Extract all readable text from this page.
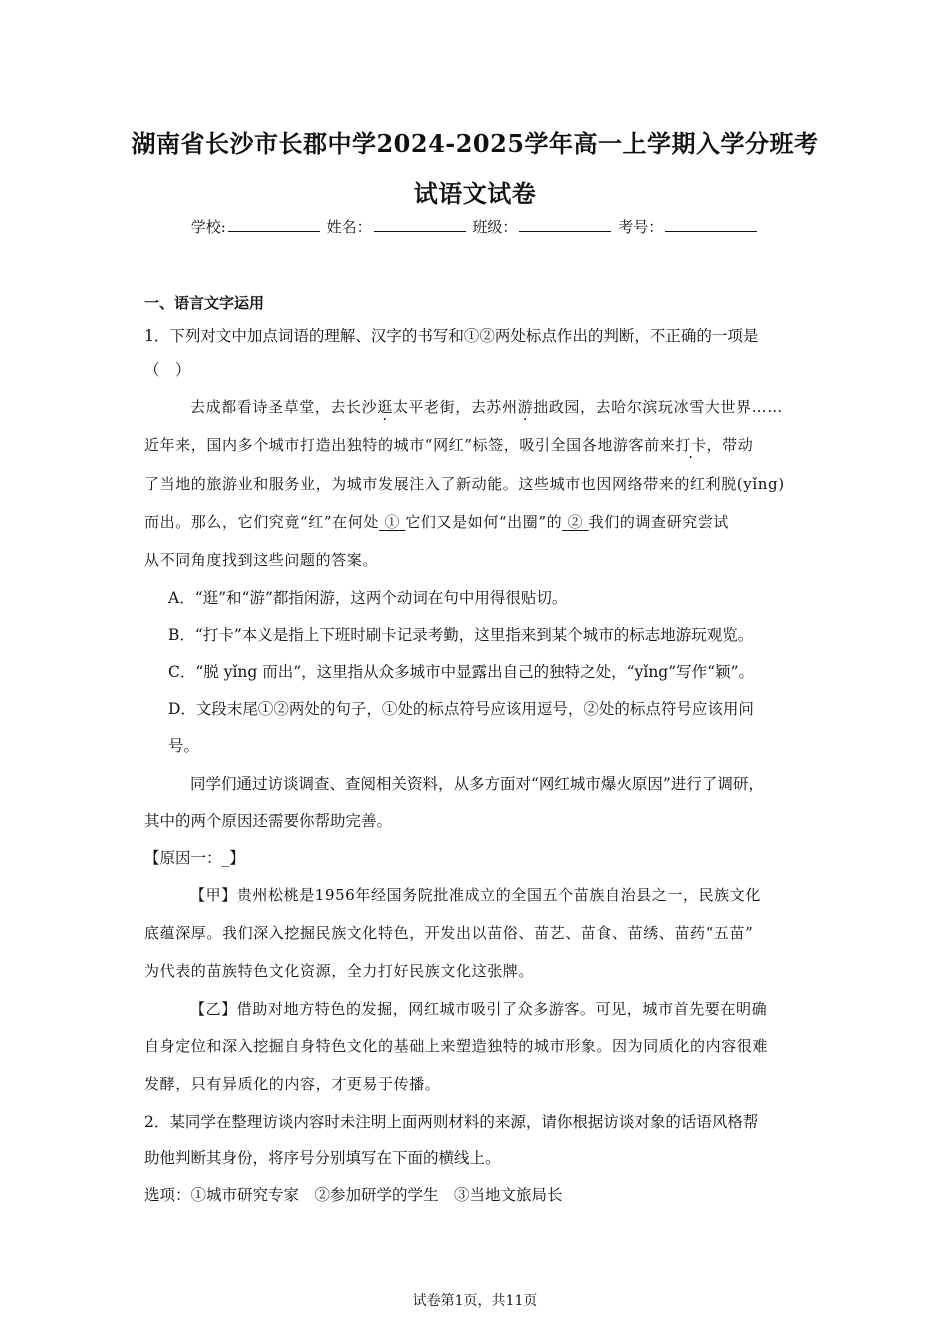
湖南省长沙市长郡中学2024-2025学年高一上学期入学分班考
试语文试卷
学校:	姓名：	班级：	考号：
一、语言文字运用
1．下列对文中加点词语的理解、汉字的书写和①②两处标点作出的判断，不正确的一项是
（　）
去成都看诗圣草堂，去长沙逛太平老街，去苏州游拙政园，去哈尔滨玩冰雪大世界……
近年来，国内多个城市打造出独特的城市“网红”标签，吸引全国各地游客前来打卡，带动
了当地的旅游业和服务业，为城市发展注入了新动能。这些城市也因网络带来的红利脱(yǐng)
而出。那么，它们究竟“红”在何处 ① 它们又是如何“出圈”的 ② 我们的调查研究尝试
从不同角度找到这些问题的答案。
A．“逛”和“游”都指闲游，这两个动词在句中用得很贴切。
B．“打卡”本义是指上下班时刷卡记录考勤，这里指来到某个城市的标志地游玩观览。
C．“脱 yǐng 而出”，这里指从众多城市中显露出自己的独特之处，“yǐng”写作“颖”。
D．文段末尾①②两处的句子，①处的标点符号应该用逗号，②处的标点符号应该用问
号。
同学们通过访谈调查、查阅相关资料，从多方面对“网红城市爆火原因”进行了调研，
其中的两个原因还需要你帮助完善。
【原因一：_】
【甲】贵州松桃是1956年经国务院批准成立的全国五个苗族自治县之一，民族文化
底蕴深厚。我们深入挖掘民族文化特色，开发出以苗俗、苗艺、苗食、苗绣、苗药“五苗”
为代表的苗族特色文化资源，全力打好民族文化这张牌。
【乙】借助对地方特色的发掘，网红城市吸引了众多游客。可见，城市首先要在明确
自身定位和深入挖掘自身特色文化的基础上来塑造独特的城市形象。因为同质化的内容很难
发酵，只有异质化的内容，才更易于传播。
2．某同学在整理访谈内容时未注明上面两则材料的来源，请你根据访谈对象的话语风格帮
助他判断其身份，将序号分别填写在下面的横线上。
选项：①城市研究专家　②参加研学的学生　③当地文旅局长
试卷第1页，共11页
